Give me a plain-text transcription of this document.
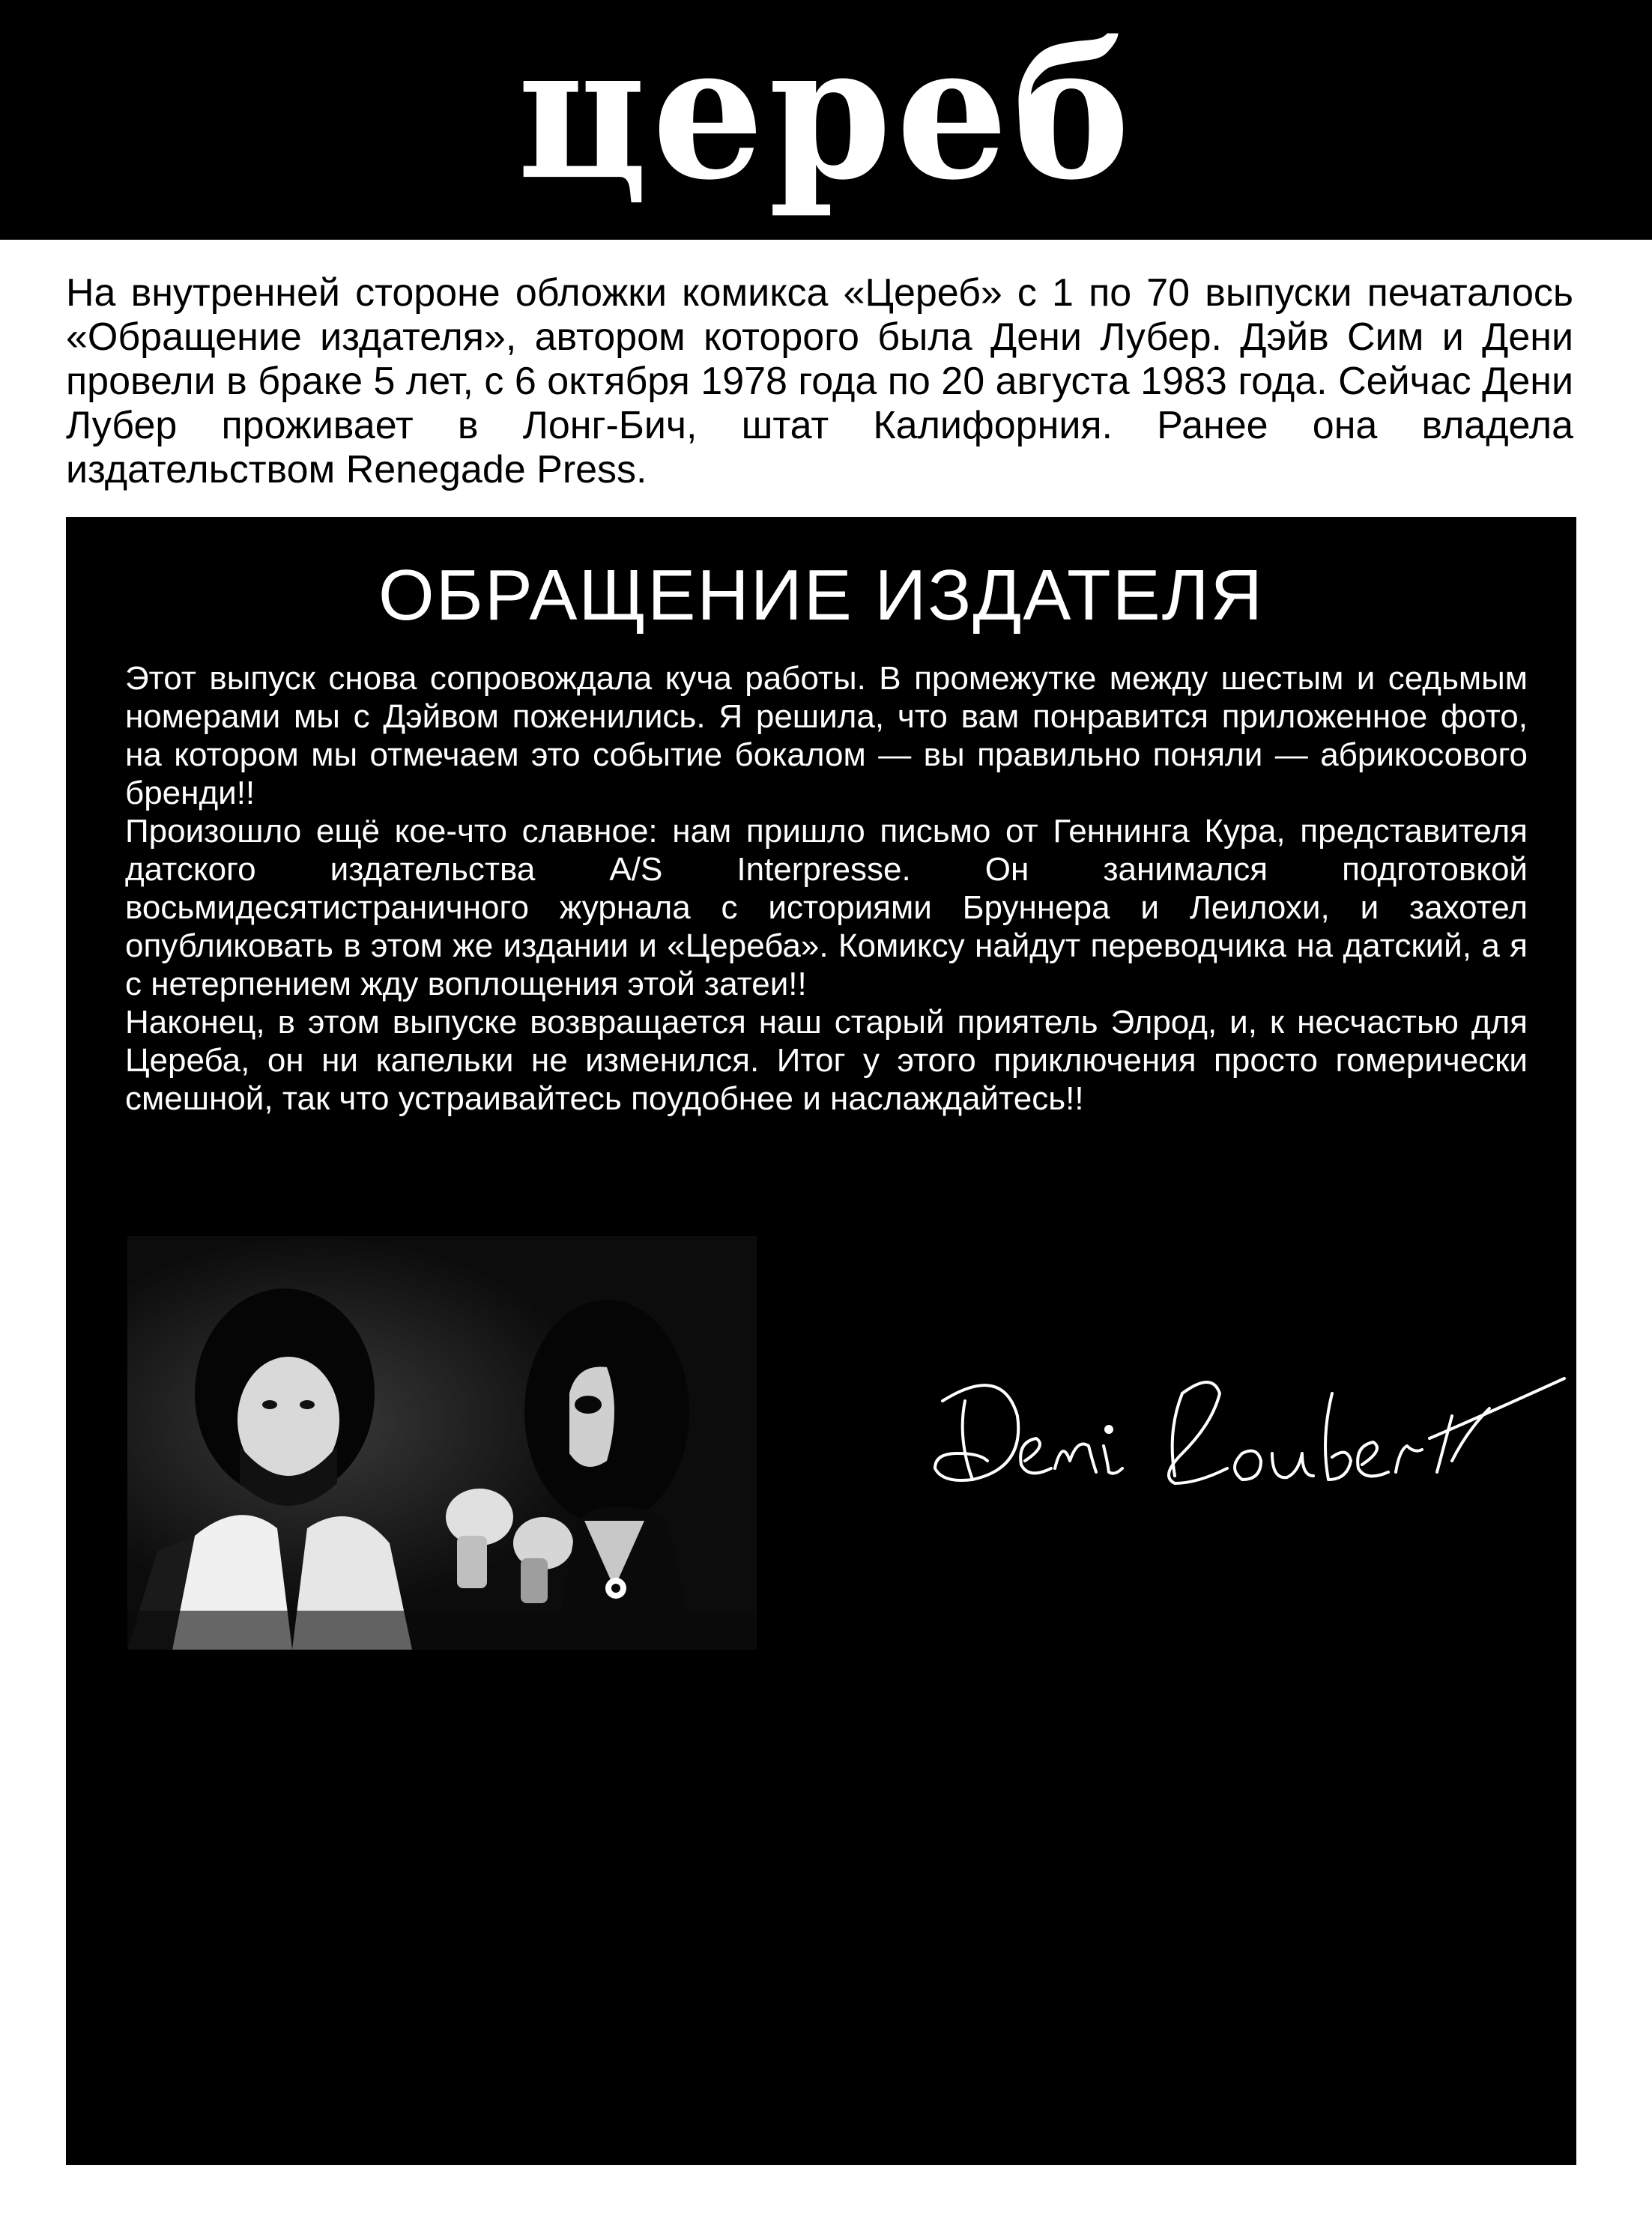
цереб

На внутренней стороне обложки комикса «Цереб» с 1 по 70 выпуски печаталось «Обращение издателя», автором которого была Дени Лубер. Дэйв Сим и Дени провели в браке 5 лет, с 6 октября 1978 года по 20 августа 1983 года. Сейчас Дени Лубер проживает в Лонг-Бич, штат Калифорния. Ранее она владела издательством Renegade Press.

ОБРАЩЕНИЕ ИЗДАТЕЛЯ

Этот выпуск снова сопровождала куча работы. В промежутке между шестым и седьмым номерами мы с Дэйвом поженились. Я решила, что вам понравится приложенное фото, на котором мы отмечаем это событие бокалом — вы правильно поняли — абрикосового бренди!!

Произошло ещё кое-что славное: нам пришло письмо от Геннинга Кура, представителя датского издательства A/S Interpresse. Он занимался подготовкой восьмидесятистраничного журнала с историями Бруннера и Леилохи, и захотел опубликовать в этом же издании и «Цереба». Комиксу найдут переводчика на датский, а я с нетерпением жду воплощения этой затеи!!

Наконец, в этом выпуске возвращается наш старый приятель Элрод, и, к несчастью для Цереба, он ни капельки не изменился. Итог у этого приключения просто гомерически смешной, так что устраивайтесь поудобнее и наслаждайтесь!!
